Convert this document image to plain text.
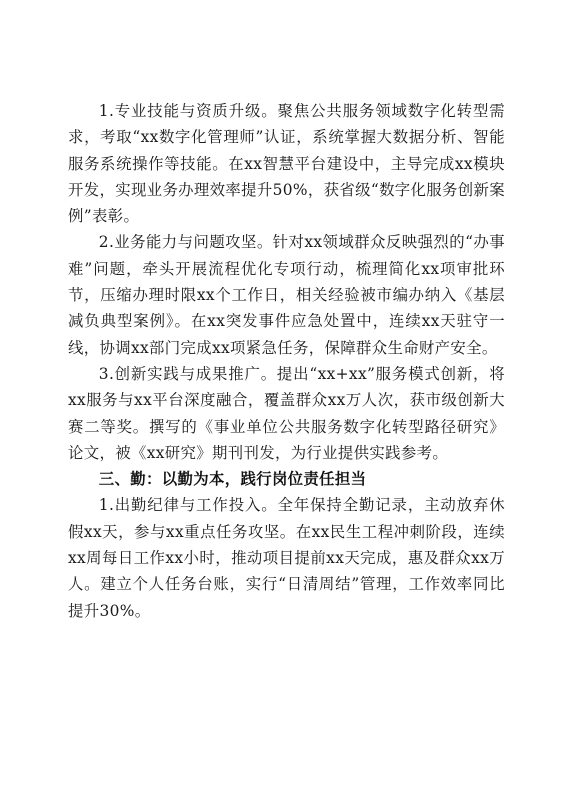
1.专业技能与资质升级。聚焦公共服务领域数字化转型需求，考取“xx数字化管理师”认证，系统掌握大数据分析、智能服务系统操作等技能。在xx智慧平台建设中，主导完成xx模块开发，实现业务办理效率提升50%，获省级“数字化服务创新案例”表彰。

2.业务能力与问题攻坚。针对xx领域群众反映强烈的“办事难”问题，牵头开展流程优化专项行动，梳理简化xx项审批环节，压缩办理时限xx个工作日，相关经验被市编办纳入《基层减负典型案例》。在xx突发事件应急处置中，连续xx天驻守一线，协调xx部门完成xx项紧急任务，保障群众生命财产安全。

3.创新实践与成果推广。提出“xx+xx”服务模式创新，将xx服务与xx平台深度融合，覆盖群众xx万人次，获市级创新大赛二等奖。撰写的《事业单位公共服务数字化转型路径研究》论文，被《xx研究》期刊刊发，为行业提供实践参考。

三、勤：以勤为本，践行岗位责任担当

1.出勤纪律与工作投入。全年保持全勤记录，主动放弃休假xx天，参与xx重点任务攻坚。在xx民生工程冲刺阶段，连续xx周每日工作xx小时，推动项目提前xx天完成，惠及群众xx万人。建立个人任务台账，实行“日清周结”管理，工作效率同比提升30%。
